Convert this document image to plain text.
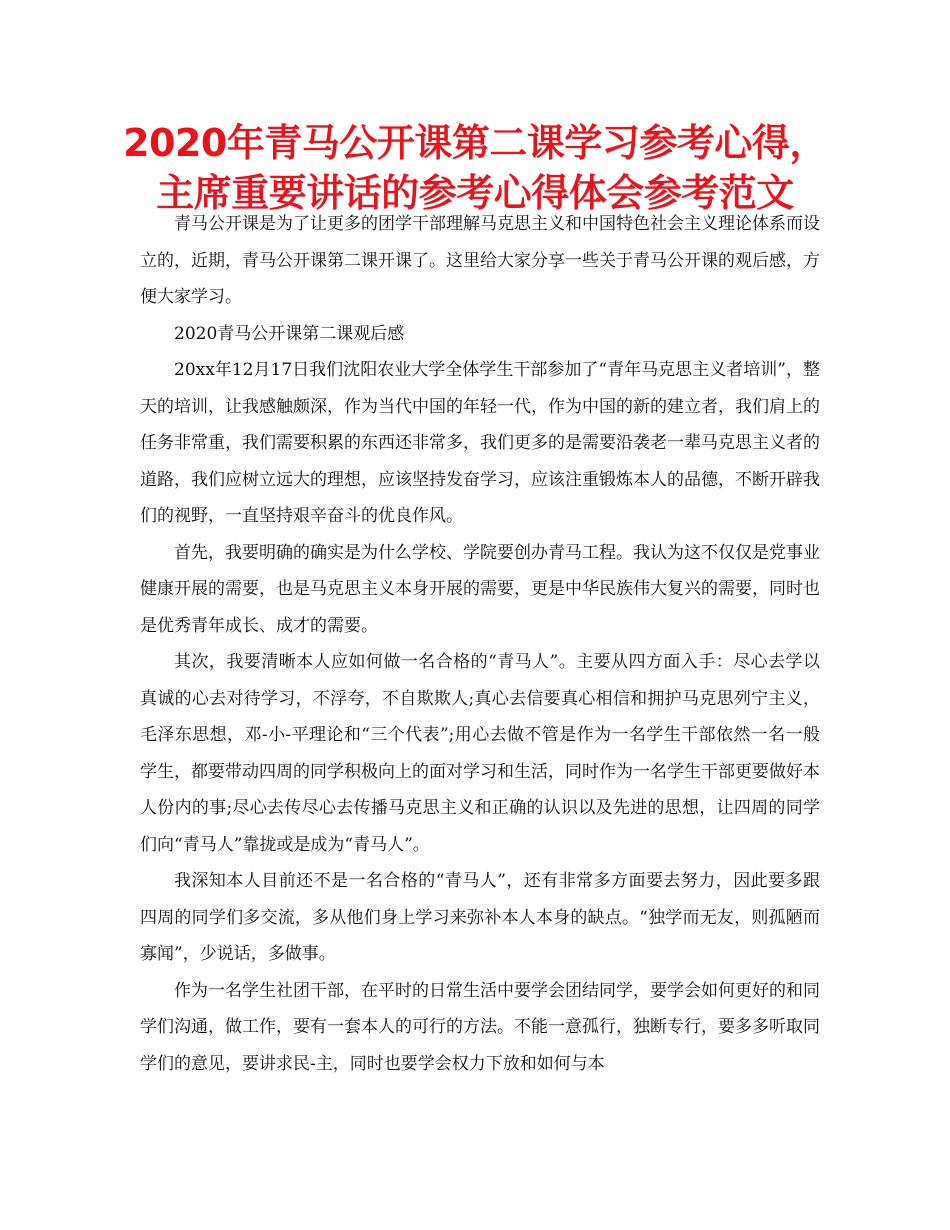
2020年青马公开课第二课学习参考心得，主席重要讲话的参考心得体会参考范文

青马公开课是为了让更多的团学干部理解马克思主义和中国特色社会主义理论体系而设立的，近期，青马公开课第二课开课了。这里给大家分享一些关于青马公开课的观后感，方便大家学习。

2020青马公开课第二课观后感

20xx年12月17日我们沈阳农业大学全体学生干部参加了“青年马克思主义者培训”，整天的培训，让我感触颇深，作为当代中国的年轻一代，作为中国的新的建立者，我们肩上的任务非常重，我们需要积累的东西还非常多，我们更多的是需要沿袭老一辈马克思主义者的道路，我们应树立远大的理想，应该坚持发奋学习，应该注重锻炼本人的品德，不断开辟我们的视野，一直坚持艰辛奋斗的优良作风。

首先，我要明确的确实是为什么学校、学院要创办青马工程。我认为这不仅仅是党事业健康开展的需要，也是马克思主义本身开展的需要，更是中华民族伟大复兴的需要，同时也是优秀青年成长、成才的需要。

其次，我要清晰本人应如何做一名合格的“青马人”。主要从四方面入手：尽心去学以真诚的心去对待学习，不浮夸，不自欺欺人;真心去信要真心相信和拥护马克思列宁主义，毛泽东思想，邓-小-平理论和“三个代表”;用心去做不管是作为一名学生干部依然一名一般学生，都要带动四周的同学积极向上的面对学习和生活，同时作为一名学生干部更要做好本人份内的事;尽心去传尽心去传播马克思主义和正确的认识以及先进的思想，让四周的同学们向“青马人”靠拢或是成为“青马人”。

我深知本人目前还不是一名合格的“青马人”，还有非常多方面要去努力，因此要多跟四周的同学们多交流，多从他们身上学习来弥补本人本身的缺点。“独学而无友，则孤陋而寡闻”，少说话，多做事。

作为一名学生社团干部，在平时的日常生活中要学会团结同学，要学会如何更好的和同学们沟通，做工作，要有一套本人的可行的方法。不能一意孤行，独断专行，要多多听取同学们的意见，要讲求民-主，同时也要学会权力下放和如何与本
